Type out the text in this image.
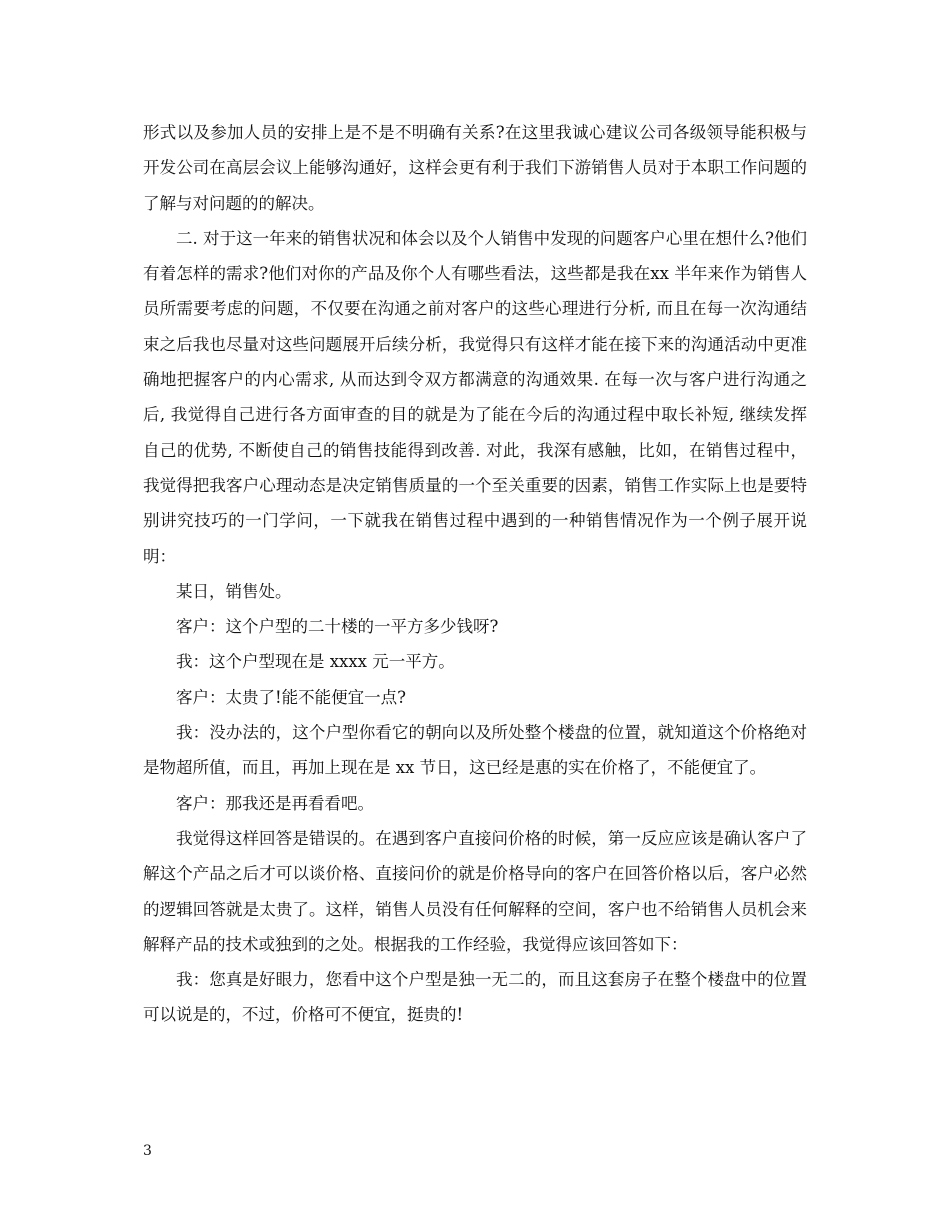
形式以及参加人员的安排上是不是不明确有关系?在这里我诚心建议公司各级领导能积极与开发公司在高层会议上能够沟通好，这样会更有利于我们下游销售人员对于本职工作问题的了解与对问题的的解决。

二. 对于这一年来的销售状况和体会以及个人销售中发现的问题客户心里在想什么?他们有着怎样的需求?他们对你的产品及你个人有哪些看法，这些都是我在xx 半年来作为销售人员所需要考虑的问题，不仅要在沟通之前对客户的这些心理进行分析, 而且在每一次沟通结束之后我也尽量对这些问题展开后续分析，我觉得只有这样才能在接下来的沟通活动中更准确地把握客户的内心需求, 从而达到令双方都满意的沟通效果. 在每一次与客户进行沟通之后, 我觉得自己进行各方面审查的目的就是为了能在今后的沟通过程中取长补短, 继续发挥自己的优势, 不断使自己的销售技能得到改善. 对此，我深有感触，比如，在销售过程中，我觉得把我客户心理动态是决定销售质量的一个至关重要的因素，销售工作实际上也是要特别讲究技巧的一门学问，一下就我在销售过程中遇到的一种销售情况作为一个例子展开说明：

某日，销售处。

客户：这个户型的二十楼的一平方多少钱呀?

我：这个户型现在是 xxxx 元一平方。

客户：太贵了!能不能便宜一点?

我：没办法的，这个户型你看它的朝向以及所处整个楼盘的位置，就知道这个价格绝对是物超所值，而且，再加上现在是 xx 节日，这已经是惠的实在价格了，不能便宜了。

客户：那我还是再看看吧。

我觉得这样回答是错误的。在遇到客户直接问价格的时候，第一反应应该是确认客户了解这个产品之后才可以谈价格、直接问价的就是价格导向的客户在回答价格以后，客户必然的逻辑回答就是太贵了。这样，销售人员没有任何解释的空间，客户也不给销售人员机会来解释产品的技术或独到的之处。根据我的工作经验，我觉得应该回答如下：

我：您真是好眼力，您看中这个户型是独一无二的，而且这套房子在整个楼盘中的位置可以说是的，不过，价格可不便宜，挺贵的!

3
